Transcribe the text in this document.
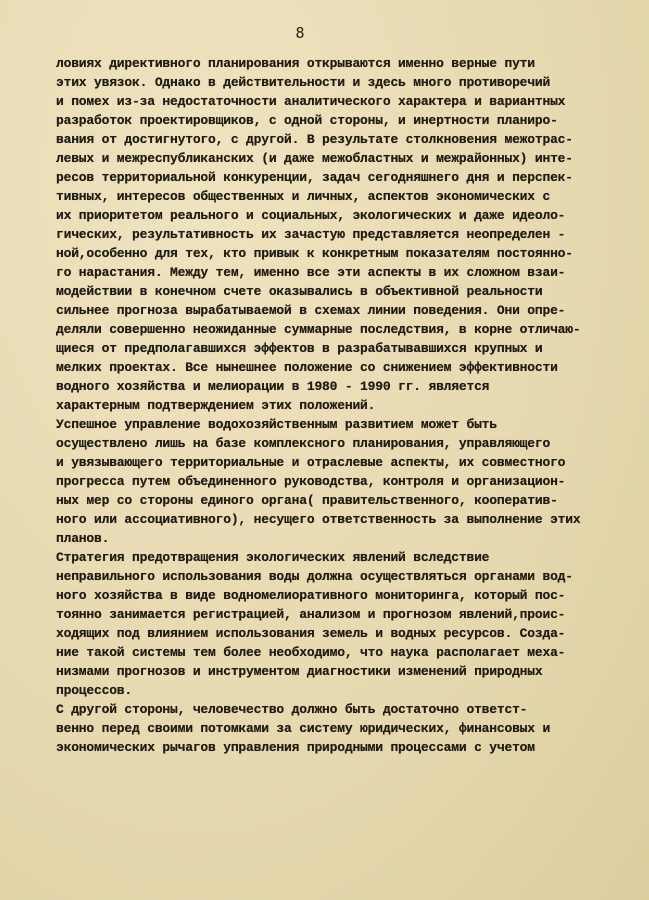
8
ловиях директивного планирования открываются именно верные пути
этих увязок. Однако в действительности и здесь много противоречий
и помех из-за недостаточности аналитического характера и вариантных
разработок проектировщиков, с одной стороны, и инертности планиро-
вания от достигнутого, с другой. В результате столкновения межотрас-
левых и межреспубликанских (и даже межобластных и межрайонных) инте-
ресов территориальной конкуренции, задач сегодняшнего дня и перспек-
тивных, интересов общественных и личных, аспектов экономических с
их приоритетом реального и социальных, экологических и даже идеоло-
гических, результативность их зачастую представляется неопределен -
ной,особенно для тех, кто привык к конкретным показателям постоянно-
го нарастания. Между тем, именно все эти аспекты в их сложном взаи-
модействии в конечном счете оказывались в объективной реальности
сильнее прогноза вырабатываемой в схемах линии поведения. Они опре-
деляли совершенно неожиданные суммарные последствия, в корне отличаю-
щиеся от предполагавшихся эффектов в разрабатывавшихся крупных и
мелких проектах. Все нынешнее положение со снижением эффективности
водного хозяйства и мелиорации в 1980 - 1990 гг. является
характерным подтверждением этих положений.
Успешное управление водохозяйственным развитием может быть
осуществлено лишь на базе комплексного планирования, управляющего
и увязывающего территориальные и отраслевые аспекты, их совместного
прогресса путем объединенного руководства, контроля и организацион-
ных мер со стороны единого органа( правительственного, кооператив-
ного или ассоциативного), несущего ответственность за выполнение этих
планов.
Стратегия предотвращения экологических явлений вследствие
неправильного использования воды должна осуществляться органами вод-
ного хозяйства в виде водномелиоративного мониторинга, который пос-
тоянно занимается регистрацией, анализом и прогнозом явлений,проис-
ходящих под влиянием использования земель и водных ресурсов. Созда-
ние такой системы тем более необходимо, что наука располагает меха-
низмами прогнозов и инструментом диагностики изменений природных
процессов.
С другой стороны, человечество должно быть достаточно ответст-
венно перед своими потомками за систему юридических, финансовых и
экономических рычагов управления природными процессами с учетом
